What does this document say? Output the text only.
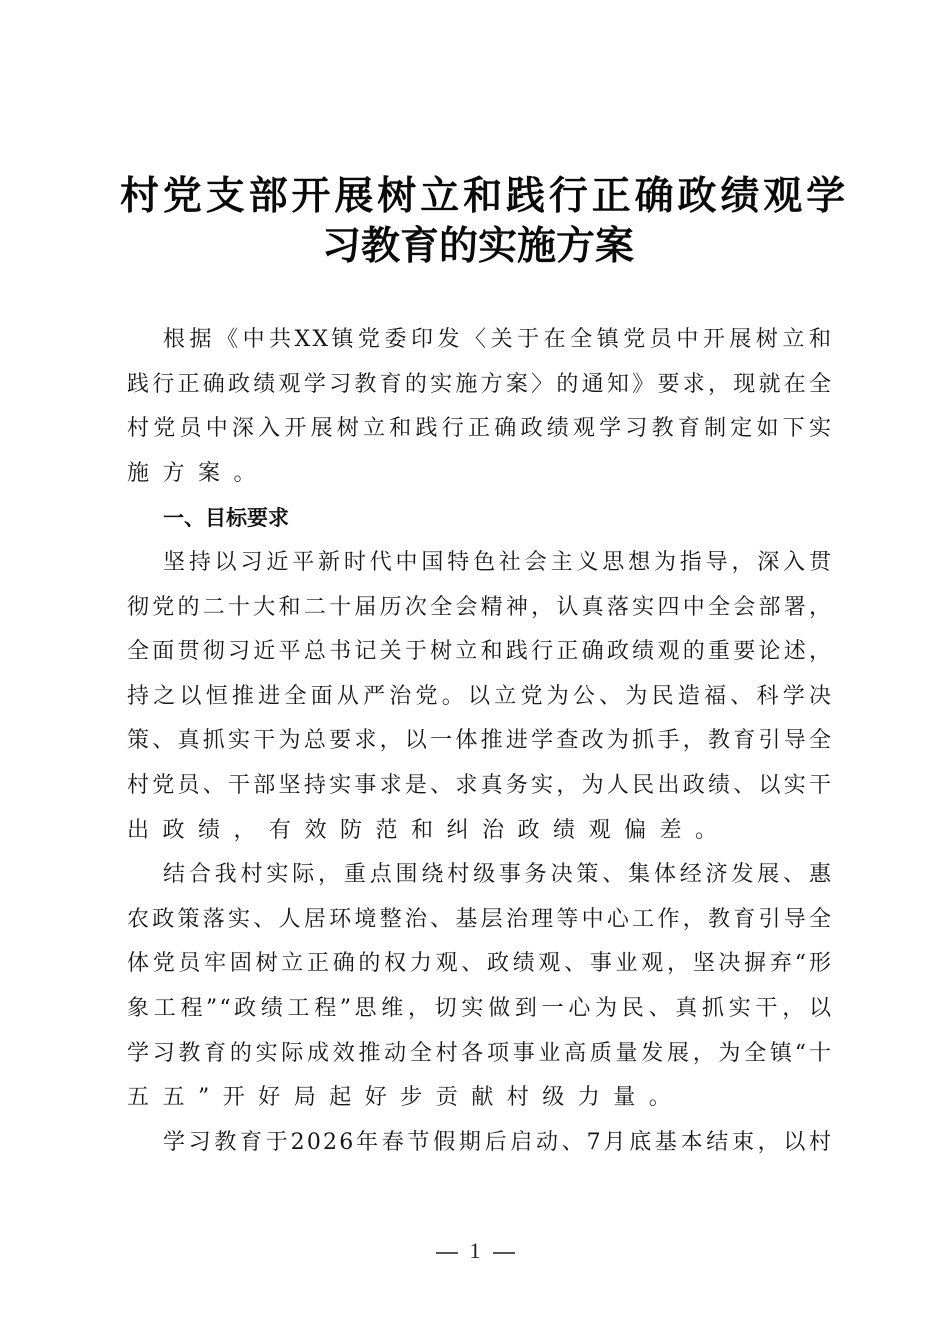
村 党 支 部 开 展 树 立 和 践 行 正 确 政 绩 观 学
习教育的实施方案
根 据 《 中 共 X X 镇 党 委 印 发 〈 关 于 在 全 镇 党 员 中 开 展 树 立 和
践 行 正 确 政 绩 观 学 习 教 育 的 实 施 方 案 〉 的 通 知 》 要 求 ， 现 就 在 全
村 党 员 中 深 入 开 展 树 立 和 践 行 正 确 政 绩 观 学 习 教 育 制 定 如 下 实
施方案。
一、目标要求
坚 持 以 习 近 平 新 时 代 中 国 特 色 社 会 主 义 思 想 为 指 导 ， 深 入 贯
彻 党 的 二 十 大 和 二 十 届 历 次 全 会 精 神 ， 认 真 落 实 四 中 全 会 部 署 ，
全 面 贯 彻 习 近 平 总 书 记 关 于 树 立 和 践 行 正 确 政 绩 观 的 重 要 论 述 ，
持 之 以 恒 推 进 全 面 从 严 治 党 。 以 立 党 为 公 、 为 民 造 福 、 科 学 决
策 、 真 抓 实 干 为 总 要 求 ， 以 一 体 推 进 学 查 改 为 抓 手 ， 教 育 引 导 全
村 党 员 、 干 部 坚 持 实 事 求 是 、 求 真 务 实 ， 为 人 民 出 政 绩 、 以 实 干
出政绩，有效防范和纠治政绩观偏差。
结 合 我 村 实 际 ， 重 点 围 绕 村 级 事 务 决 策 、 集 体 经 济 发 展 、 惠
农 政 策 落 实 、 人 居 环 境 整 治 、 基 层 治 理 等 中 心 工 作 ， 教 育 引 导 全
体 党 员 牢 固 树 立 正 确 的 权 力 观 、 政 绩 观 、 事 业 观 ， 坚 决 摒 弃 “ 形
象 工 程 ” “ 政 绩 工 程 ” 思 维 ， 切 实 做 到 一 心 为 民 、 真 抓 实 干 ， 以
学 习 教 育 的 实 际 成 效 推 动 全 村 各 项 事 业 高 质 量 发 展 ， 为 全 镇 “ 十
五五”开好局起好步贡献村级力量。
学 习 教 育 于 2 0 2 6 年 春 节 假 期 后 启 动 、 7 月 底 基 本 结 束 ， 以 村
1
